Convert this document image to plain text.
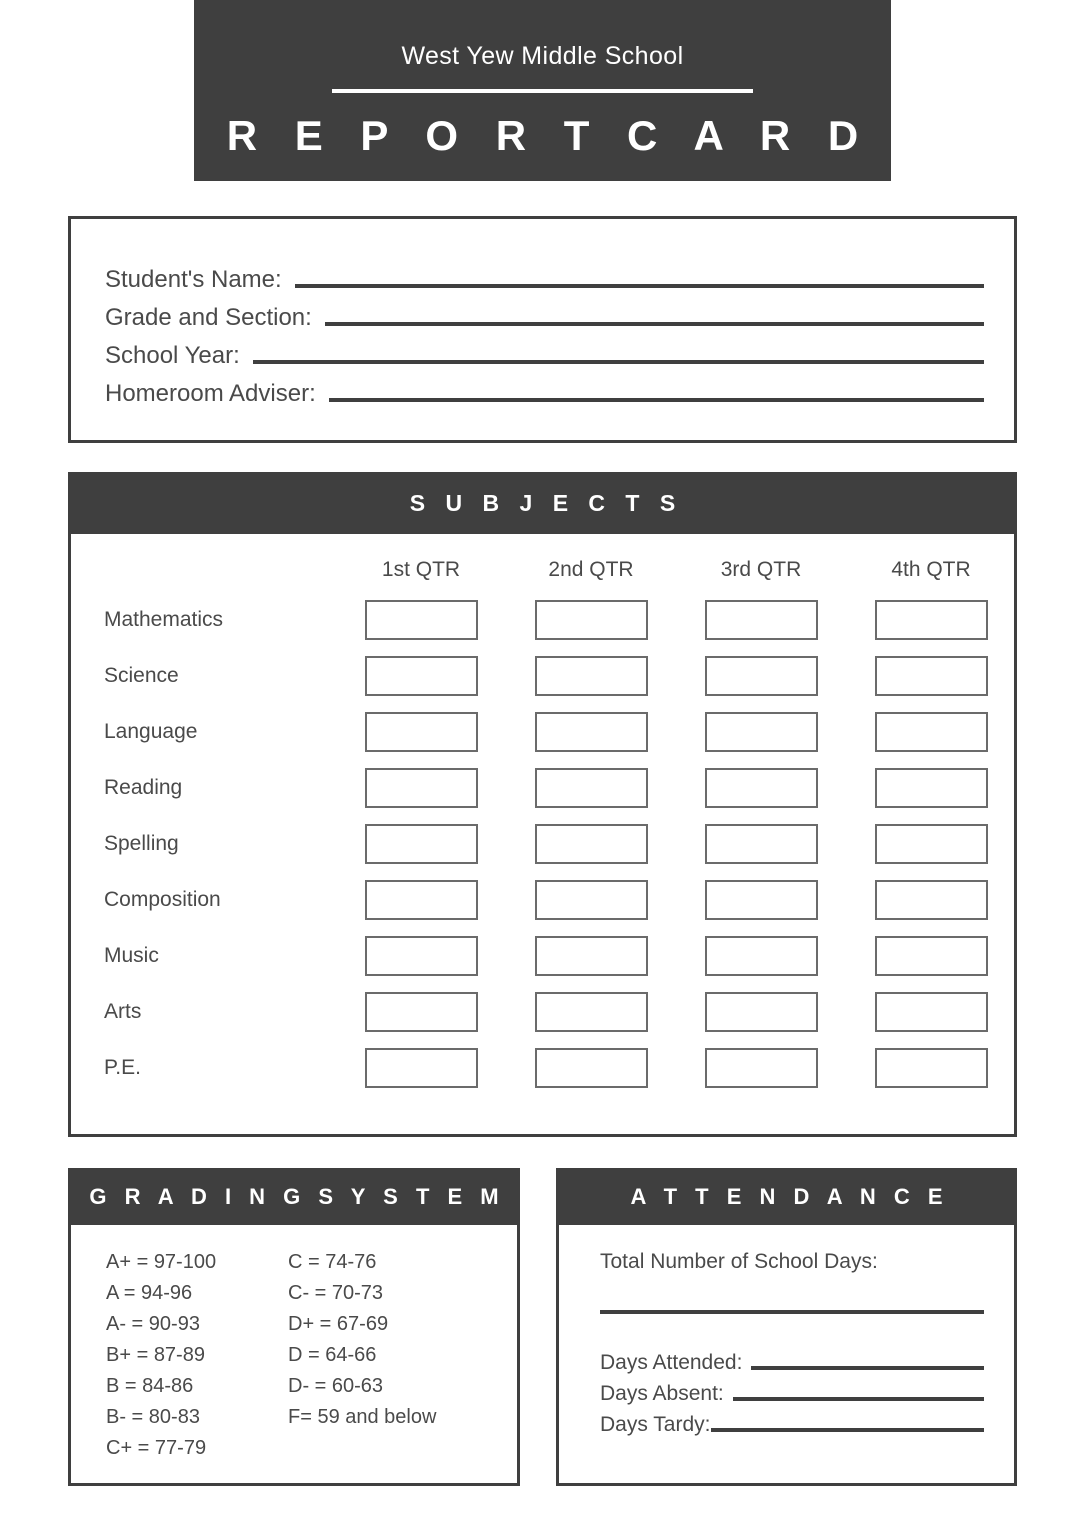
West Yew Middle School
R E P O R T C A R D
Student's Name:
Grade and Section:
School Year:
Homeroom Adviser:
S U B J E C T S
1st QTR	2nd QTR	3rd QTR	4th QTR
Mathematics
Science
Language
Reading
Spelling
Composition
Music
Arts
P.E.
G R A D I N G S Y S T E M
A+ = 97-100
A = 94-96
A- = 90-93
B+ = 87-89
B = 84-86
B- = 80-83
C+ = 77-79
C = 74-76
C- = 70-73
D+ = 67-69
D = 64-66
D- = 60-63
F= 59 and below
A T T E N D A N C E
Total Number of School Days:
Days Attended:
Days Absent:
Days Tardy:
